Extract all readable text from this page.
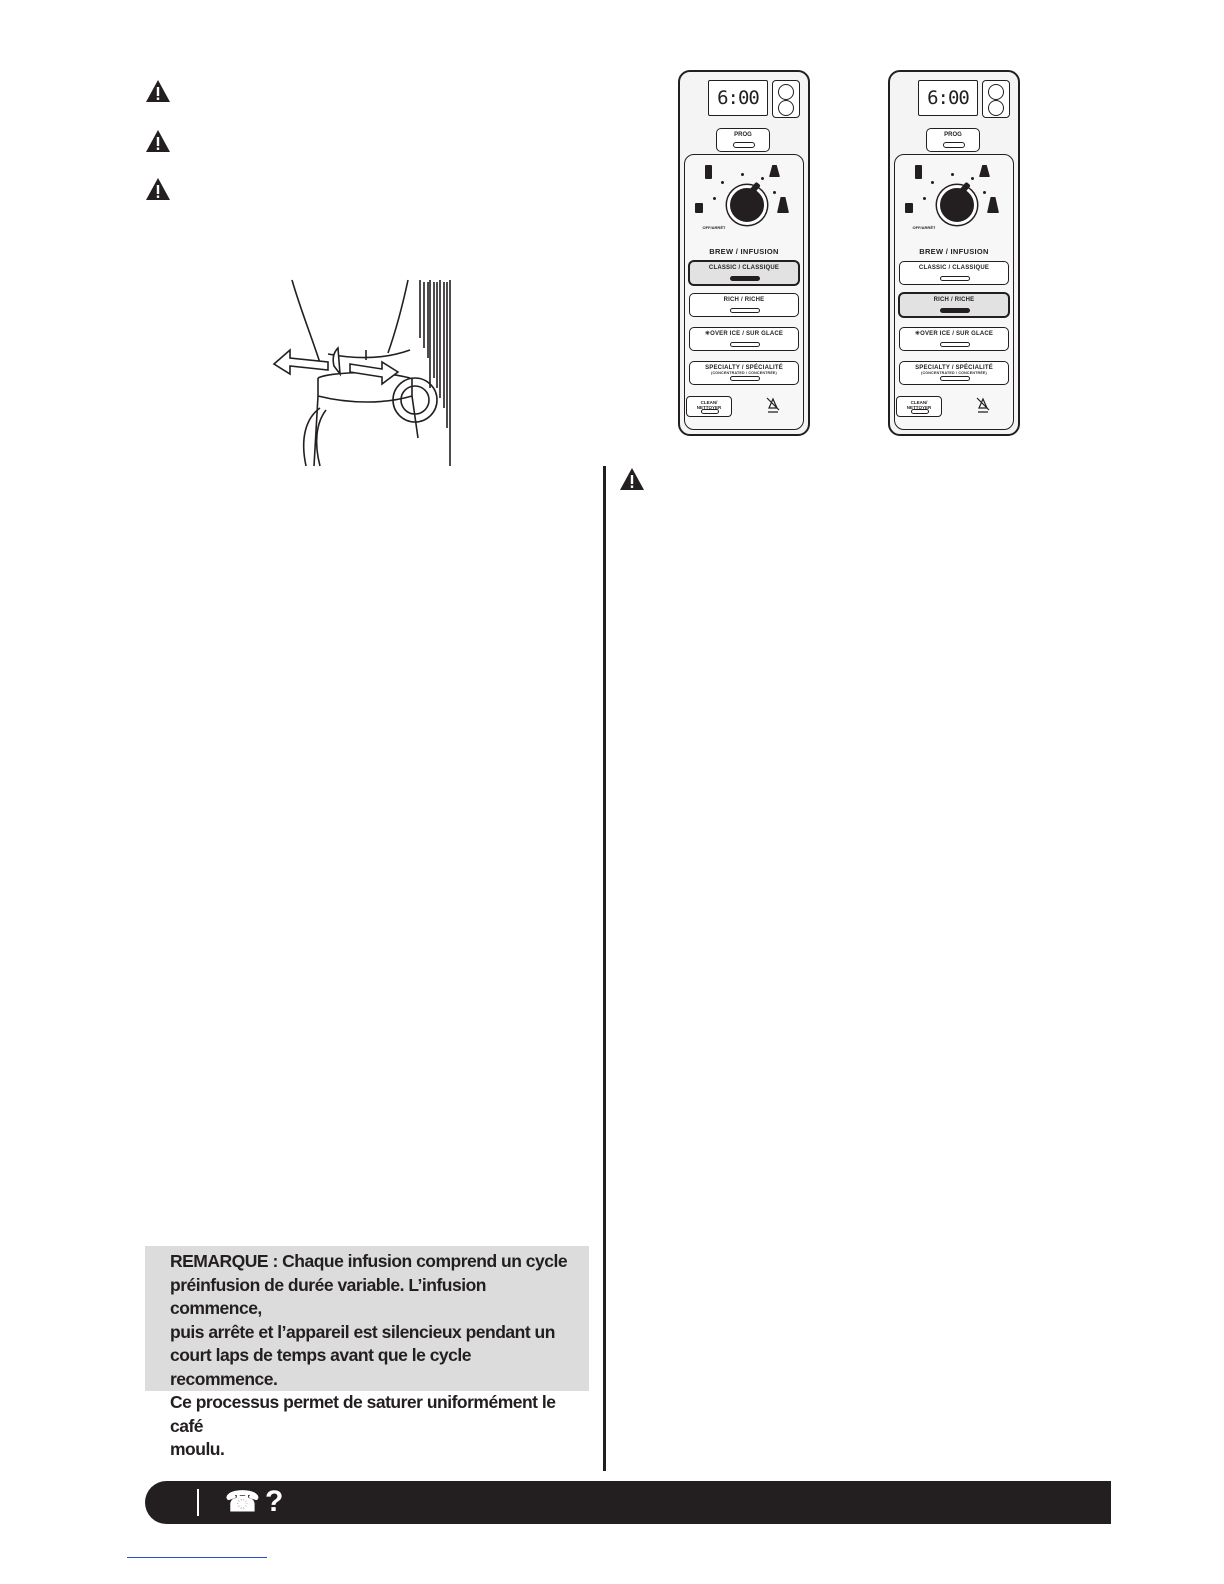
6:00
PROG
OFF/ARRÊT
BREW / INFUSION
CLASSIC / CLASSIQUE
RICH / RICHE
✳OVER ICE / SUR GLACE
SPECIALTY / SPÉCIALITÉ
(CONCENTRATED / CONCENTRÉE)
CLEAN/
NETTOYER
6:00
PROG
OFF/ARRÊT
BREW / INFUSION
CLASSIC / CLASSIQUE
RICH / RICHE
✳OVER ICE / SUR GLACE
SPECIALTY / SPÉCIALITÉ
(CONCENTRATED / CONCENTRÉE)
CLEAN/
NETTOYER
REMARQUE : Chaque infusion comprend un cycle
préinfusion de durée variable. L’infusion commence,
puis arrête et l’appareil est silencieux pendant un
court laps de temps avant que le cycle recommence.
Ce processus permet de saturer uniformément le café
moulu.
☎ ?
